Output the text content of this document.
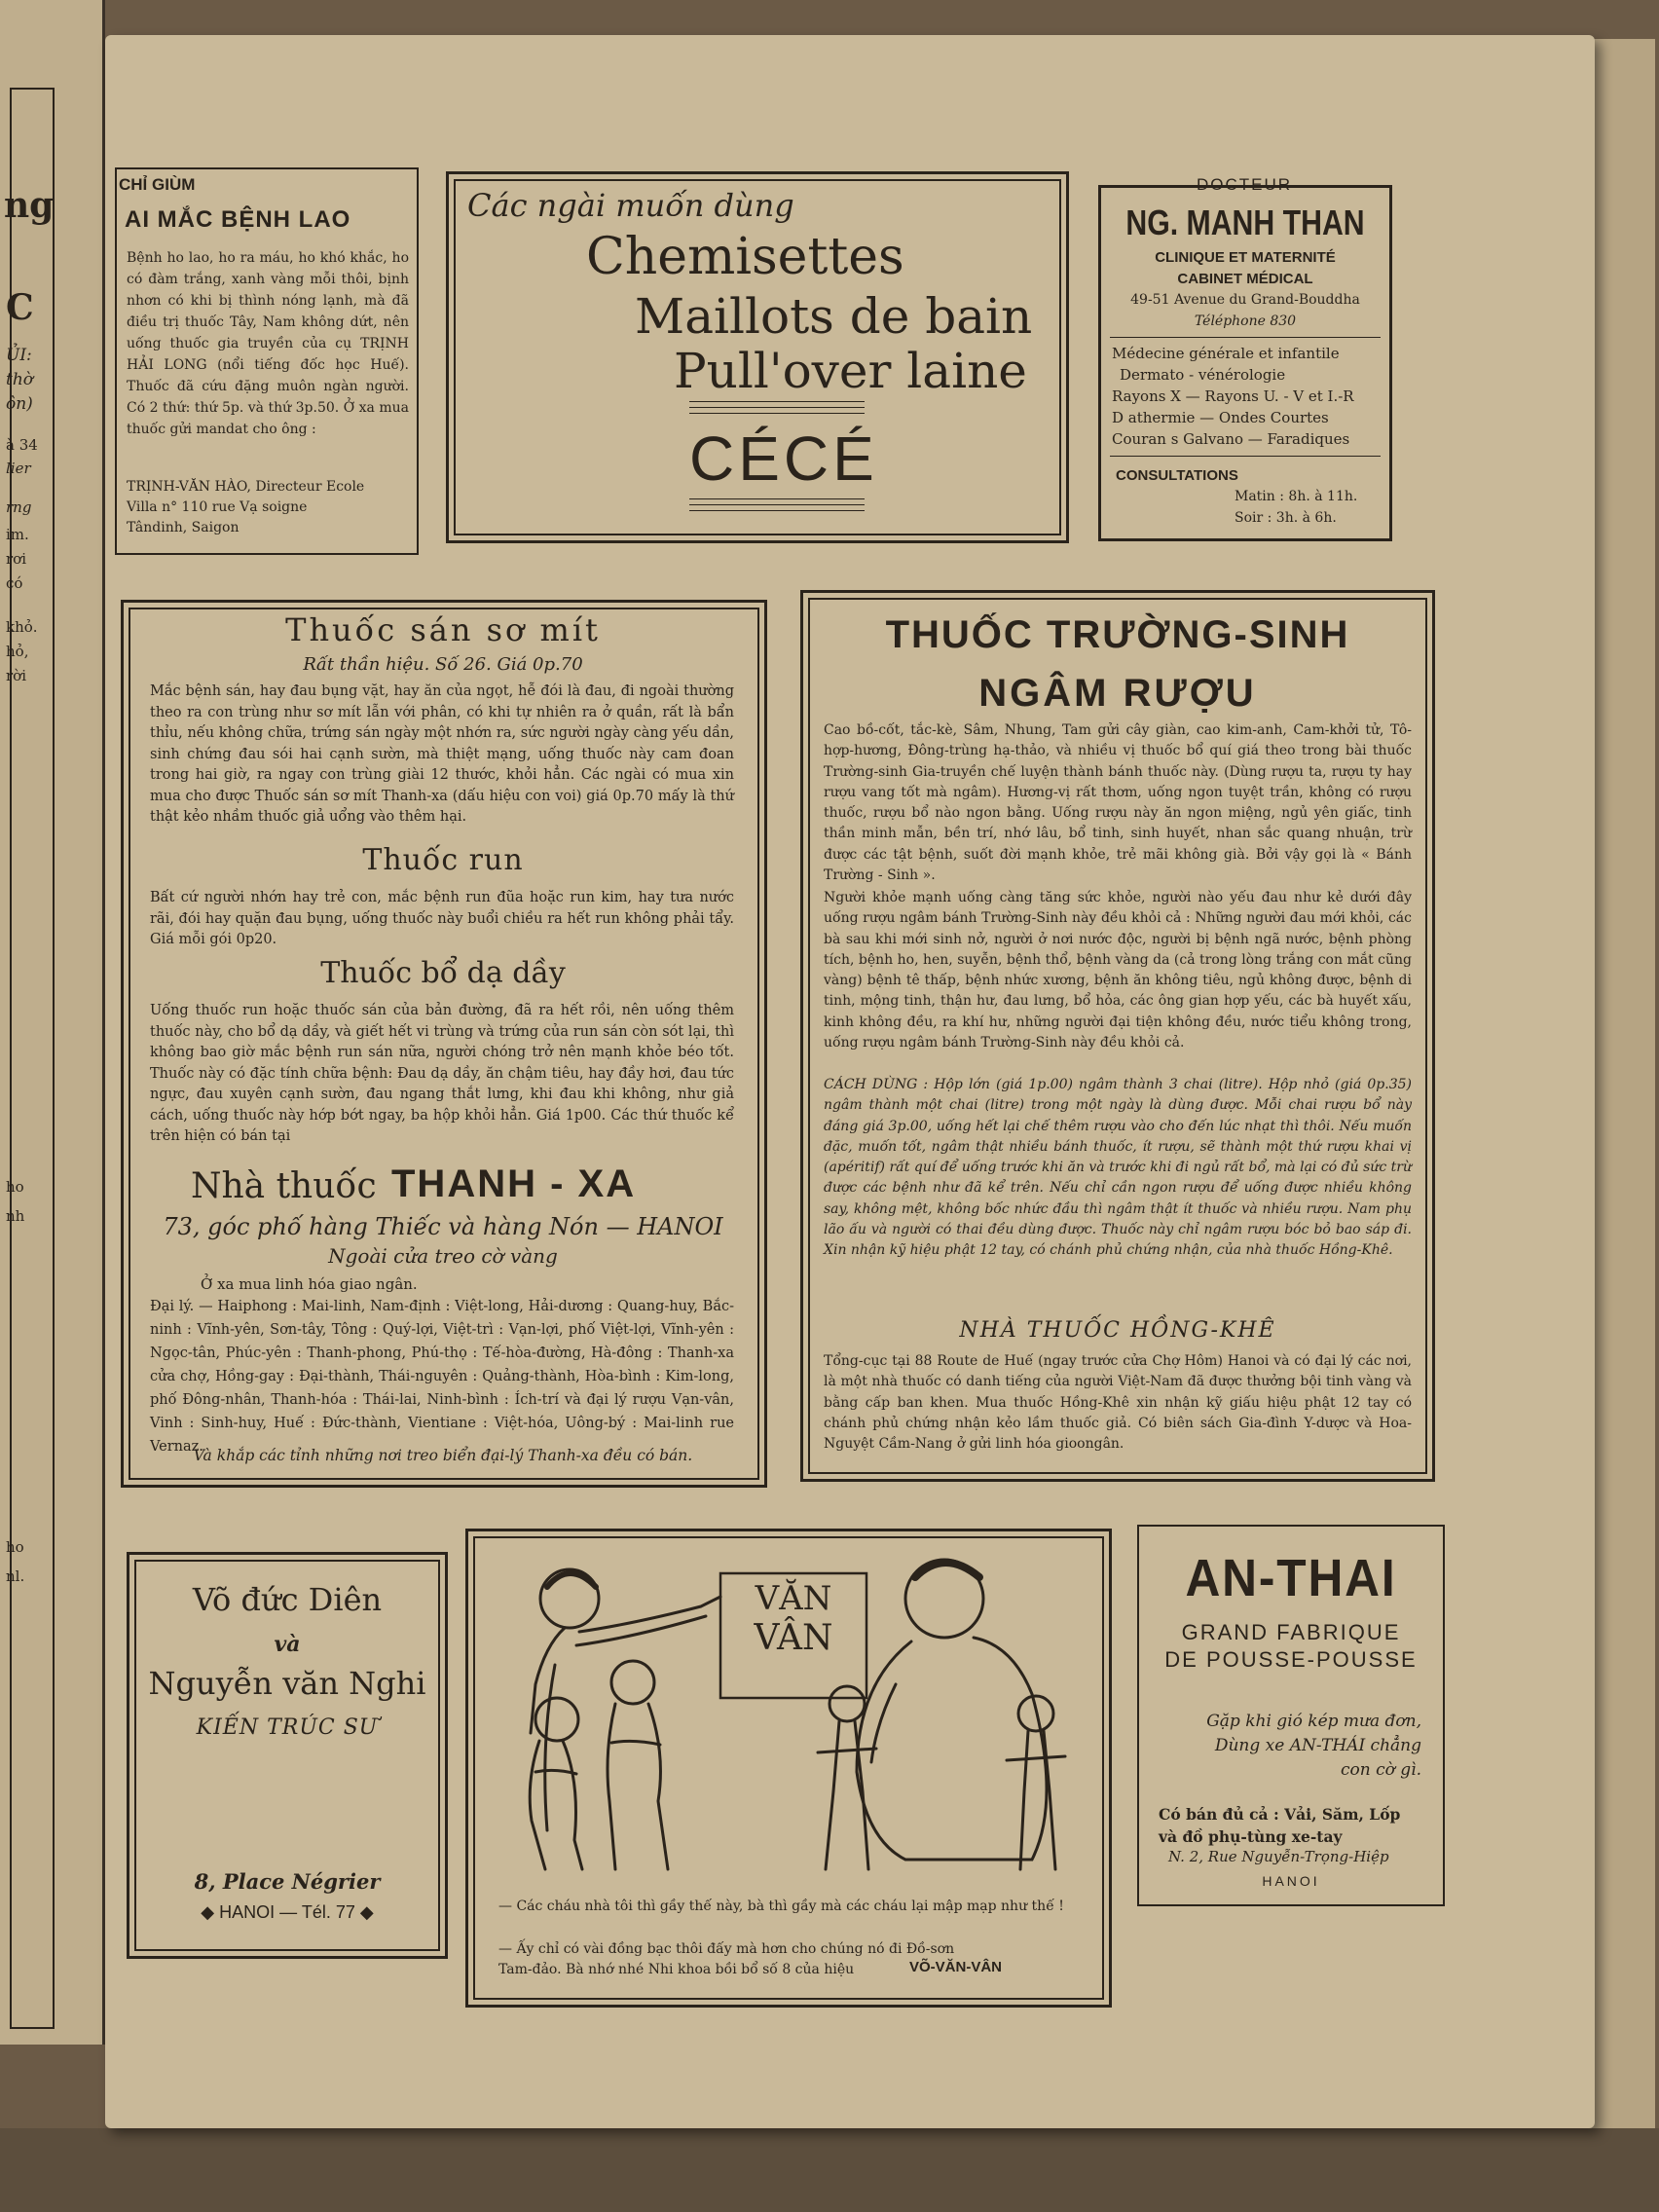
ng
C
ỦI:
thờ
ôn)
à 34
lier
rng
im.
rơi
có
khỏ.
hỏ,
rời
ho
nh
ho
nl.
CHỈ GIÙM
AI MẮC BỆNH LAO
Bệnh ho lao, ho ra máu, ho khó khắc, ho có đàm trắng, xanh vàng mỗi thôi, bịnh nhơn có khi bị thình nóng lạnh, mà đã điều trị thuốc Tây, Nam không dứt, nên uống thuốc gia truyền của cụ TRỊNH HẢI LONG (nổi tiếng đốc học Huế). Thuốc đã cứu đặng muôn ngàn người. Có 2 thứ: thứ 5p. và thứ 3p.50. Ở xa mua thuốc gửi mandat cho ông :
TRỊNH-VĂN HÀO, Directeur Ecole
Villa n° 110 rue Vạ soigne
Tândinh, Saigon
Các ngài muốn dùng
Chemisettes
Maillots de bain
Pull'over laine
CÉCÉ
DOCTEUR
NG. MANH THAN
CLINIQUE ET MATERNITÉ
CABINET MÉDICAL
49-51 Avenue du Grand-Bouddha
Téléphone 830
Médecine générale et infantile
Dermato - vénérologie
Rayons X — Rayons U. - V et I.-R
D athermie — Ondes Courtes
Couran s Galvano — Faradiques
CONSULTATIONS
Matin : 8h. à 11h.
Soir : 3h. à 6h.
Thuốc sán sơ mít
Rất thần hiệu. Số 26. Giá 0p.70
Mắc bệnh sán, hay đau bụng vặt, hay ăn của ngọt, hễ đói là đau, đi ngoài thường theo ra con trùng như sơ mít lẫn với phân, có khi tự nhiên ra ở quần, rất là bẩn thỉu, nếu không chữa, trứng sán ngày một nhớn ra, sức người ngày càng yếu dần, sinh chứng đau sói hai cạnh sườn, mà thiệt mạng, uống thuốc này cam đoan trong hai giờ, ra ngay con trùng giài 12 thước, khỏi hẳn. Các ngài có mua xin mua cho được Thuốc sán sơ mít Thanh-xa (dấu hiệu con voi) giá 0p.70 mấy là thứ thật kẻo nhầm thuốc giả uổng vào thêm hại.
Thuốc run
Bất cứ người nhớn hay trẻ con, mắc bệnh run đũa hoặc run kim, hay tưa nước rãi, đói hay quặn đau bụng, uống thuốc này buổi chiều ra hết run không phải tẩy. Giá mỗi gói 0p20.
Thuốc bổ dạ dầy
Uống thuốc run hoặc thuốc sán của bản đường, đã ra hết rồi, nên uống thêm thuốc này, cho bổ dạ dầy, và giết hết vi trùng và trứng của run sán còn sót lại, thì không bao giờ mắc bệnh run sán nữa, người chóng trở nên mạnh khỏe béo tốt. Thuốc này có đặc tính chữa bệnh: Đau dạ dầy, ăn chậm tiêu, hay đầy hơi, đau tức ngực, đau xuyên cạnh sườn, đau ngang thắt lưng, khi đau khi không, như giả cách, uống thuốc này hớp bớt ngay, ba hộp khỏi hẳn. Giá 1p00. Các thứ thuốc kể trên hiện có bán tại
Nhà thuốc THANH - XA
73, góc phố hàng Thiếc và hàng Nón — HANOI
Ngoài cửa treo cờ vàng
Ở xa mua linh hóa giao ngân.
Đại lý. — Haiphong : Mai-linh, Nam-định : Việt-long, Hải-dương : Quang-huy, Bắc-ninh : Vĩnh-yên, Sơn-tây, Tông : Quý-lợi, Việt-trì : Vạn-lợi, phố Việt-lợi, Vĩnh-yên : Ngọc-tân, Phúc-yên : Thanh-phong, Phú-thọ : Tế-hòa-đường, Hà-đông : Thanh-xa cửa chợ, Hồng-gay : Đại-thành, Thái-nguyên : Quảng-thành, Hòa-bình : Kim-long, phố Đông-nhân, Thanh-hóa : Thái-lai, Ninh-bình : Ích-trí và đại lý rượu Vạn-vân, Vinh : Sinh-huy, Huế : Đức-thành, Vientiane : Việt-hóa, Uông-bý : Mai-linh rue Vernaz.
Và khắp các tỉnh những nơi treo biển đại-lý Thanh-xa đều có bán.
THUỐC TRƯỜNG-SINH
NGÂM RƯỢU
Cao bồ-cốt, tắc-kè, Sâm, Nhung, Tam gửi cây giàn, cao kim-anh, Cam-khởi tử, Tô-hợp-hương, Đông-trùng hạ-thảo, và nhiều vị thuốc bổ quí giá theo trong bài thuốc Trường-sinh Gia-truyền chế luyện thành bánh thuốc này. (Dùng rượu ta, rượu ty hay rượu vang tốt mà ngâm). Hương-vị rất thơm, uống ngon tuyệt trần, không có rượu thuốc, rượu bổ nào ngon bằng. Uống rượu này ăn ngon miệng, ngủ yên giấc, tinh thần minh mẫn, bền trí, nhớ lâu, bổ tinh, sinh huyết, nhan sắc quang nhuận, trừ được các tật bệnh, suốt đời mạnh khỏe, trẻ mãi không già. Bởi vậy gọi là « Bánh Trường - Sinh ».
Người khỏe mạnh uống càng tăng sức khỏe, người nào yếu đau như kẻ dưới đây uống rượu ngâm bánh Trường-Sinh này đều khỏi cả : Những người đau mới khỏi, các bà sau khi mới sinh nở, người ở nơi nước độc, người bị bệnh ngã nước, bệnh phòng tích, bệnh ho, hen, suyễn, bệnh thổ, bệnh vàng da (cả trong lòng trắng con mắt cũng vàng) bệnh tê thấp, bệnh nhức xương, bệnh ăn không tiêu, ngủ không được, bệnh di tinh, mộng tinh, thận hư, đau lưng, bổ hỏa, các ông gian hợp yếu, các bà huyết xấu, kinh không đều, ra khí hư, những người đại tiện không đều, nước tiểu không trong, uống rượu ngâm bánh Trường-Sinh này đều khỏi cả.
CÁCH DÙNG : Hộp lớn (giá 1p.00) ngâm thành 3 chai (litre). Hộp nhỏ (giá 0p.35) ngâm thành một chai (litre) trong một ngày là dùng được. Mỗi chai rượu bổ này đáng giá 3p.00, uống hết lại chế thêm rượu vào cho đến lúc nhạt thì thôi. Nếu muốn đặc, muốn tốt, ngâm thật nhiều bánh thuốc, ít rượu, sẽ thành một thứ rượu khai vị (apéritif) rất quí để uống trước khi ăn và trước khi đi ngủ rất bổ, mà lại có đủ sức trừ được các bệnh như đã kể trên. Nếu chỉ cần ngon rượu để uống được nhiều không say, không mệt, không bốc nhức đầu thì ngâm thật ít thuốc và nhiều rượu. Nam phụ lão ấu và người có thai đều dùng được. Thuốc này chỉ ngâm rượu bóc bỏ bao sáp đi. Xin nhận kỹ hiệu phật 12 tay, có chánh phủ chứng nhận, của nhà thuốc Hồng-Khê.
NHÀ THUỐC HỒNG-KHÊ
Tổng-cục tại 88 Route de Huế (ngay trước cửa Chợ Hôm) Hanoi và có đại lý các nơi, là một nhà thuốc có danh tiếng của người Việt-Nam đã được thưởng bội tinh vàng và bằng cấp ban khen. Mua thuốc Hồng-Khê xin nhận kỹ giấu hiệu phật 12 tay có chánh phủ chứng nhận kẻo lầm thuốc giả. Có biên sách Gia-đình Y-dược và Hoa-Nguyệt Cầm-Nang ở gửi linh hóa gioongân.
Võ đức Diên
và
Nguyễn văn Nghi
KIẾN TRÚC SƯ
8, Place Négrier
◆ HANOI — Tél. 77 ◆
VĂN
VÂN
— Các cháu nhà tôi thì gầy thế này, bà thì gầy mà các cháu lại mập mạp như thế !
— Ấy chỉ có vài đồng bạc thôi đấy mà hơn cho chúng nó đi Đồ-sơn Tam-đảo. Bà nhớ nhé Nhi khoa bồi bổ số 8 của hiệu	VÕ-VĂN-VÂN
AN-THAI
GRAND FABRIQUE
DE POUSSE-POUSSE
Gặp khi gió kép mưa đơn,
Dùng xe AN-THÁI chẳng
con cờ gì.
Có bán đủ cả : Vải, Săm, Lốp
và đồ phụ-tùng xe-tay
N. 2, Rue Nguyễn-Trọng-Hiệp
HANOI
